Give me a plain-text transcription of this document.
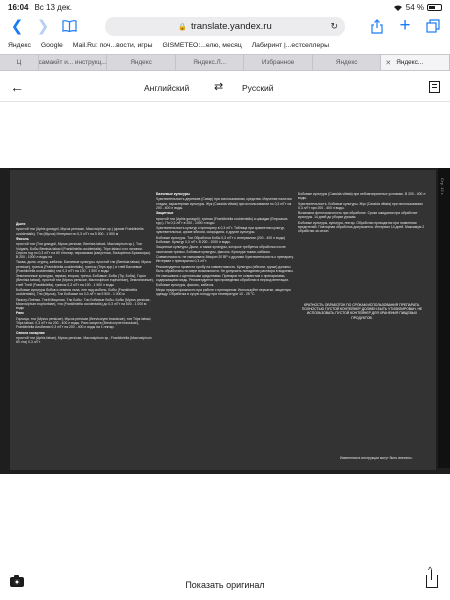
16:04 Вс 13 дек.	54 %
❮ ❯	🔒 translate.yandex.ru	↻	+
Яндекс Google Mail.Ru: поч...вости, игры GISMETEO:...елю, месяц Лабиринт |...естселлеры
Ц	самакйт и... инструкц...	Яндекс	Яндекс.Л...	Избранное	Яндекс	✕ Яндекс...
←	Английский ⇄ Русский

Бахчевые культуры

Чувствительность деревьев (Сахар) при использовании, средства. Изучение наличия стадии, характерные культуры. Жук (Cassida vittata) при использовании по 0,3 л/Гт на 200 - 400 л воды.

Защитные

простой тли (Aphis gossypii), трипсы (Frankliniella occidentalis) и цикадки (Empoasca spp.). По 0,3 л/Гт в 200 - 1000 л воды

Чувствительность культур к препарату в 0,3 л/Гт. Таблица при сравнении культур, чувствительных, кроме яблони, смородина, и другие культуры.

Бобовые культуры: Тли Обработка Бобы 0,3 л/Гт с интервалом (200 - 400 л воды) Бобовые. Культур 0,3 л/Гт. В 200 - 1000 л воды.

Защитные культуры: Дыни, а также культуры, которые требуется обработка после окончания трипсы. Бобовые культуры, фасоль. Культура тыква, кабачок.

Совместимость: не смешивать Микрон 20 ВР с другими Чувствительность к препарату. Интервал с препаратом 0,3 л/Гт.

Рекомендуется провести пробу на совместимость. Культуры (яблони, груши) должны быть обработаны по мере возможности. Не допускать попадания раствора в водоемы.

Не смешивать с щелочными средствами. Препарат не совместим с препаратами, содержащими медь. Рекомендуется при проведении обработки в период вегетации. Бобовые культуры, фасоль, кабачок.

Меры предосторожности при работе с препаратом: Используйте перчатки, защитную одежду. Обработка в сухую погоду при температуре 10 - 25 °С.

Дыня

простой тли (Aphis gossypii, Myzus persicae, Macrosiphum sp.) (кроме Frankliniella occidentalis). Тли (Myzus) Интервал по 0,3 л/Гт на 5 500 - 1 500 м

Фасоль

простой тли (Тли gossypii, Myzus persicae, Bemisia tabaci, Macrosiphum sp.). Тли Vulgaris, Бобы Bemisia tabaci (Frankliniella occidentalis), Trips tabaci и их личинки. Спустя год по 0,3 л/Гт на 60 г/гектар, персиковая (капустная, Scutopterus Брахикоры). В 200 - 1000 л воды на

Тыква, дыня, огурец, кабачок. Бахчевые культуры. простой тли (Bemisia tabaci, Myzus persicae), трипсы (Frankliniella occidentalis), трипсы (Trips spp.) и тлей Бахчевые (Frankliniella occidentalis) тли 0,3 л/Гт на 100 - 1 500 л воды

Земляничные культуры, первая, вторая, третья. Бобовые, Бобы (Tip, Бобы), Горох (Bemisia tabaci), простой тли (Myzus persicae, Macrosiphum euphorbiae), Земляничные), тлей Тлей (Frankliniella), трипсы 0,3 л/Гт на 100 - 1 500 л воды

Бобовые культуры бобов и семена льна, лен над мобиль. Бобы (Frankliniella occidentalis), Тли (Myzus), Тли Бобовые на 0,3 л/Гт на 5 500 - 1 000 м

Пиастр-Плёнки. Тлей Мицелия. Тли Бобы. Тли Бобовые бобы. Бобы (Myzus persicae, Macrosiphum euphorbiae), тли (Frankliniella occidentalis) до 0,3 л/Гт на 500 - 1 000 м воды

Рапс

Горчица, тли (Myzus persicae), Myzus persicae (Brevicoryne brassicae), тли Trips tabaci, Trips tabaci. 0,3 л/Гт на 200 - 400 л воды. Рапс капуста (Brevicoryne brassicae), Frankliniella Альбиния 0,3 л/Гт на 200 - 400 л воды на 1 гектар.

Свекла сахарная

простой тли (Aphis fabae), Myzus persicae, Macrosiphum sp., Frankliniella (Macrosiphum 60 г/га) 0,3 л/Гт.

Бобовые культуры (Cassida vittata) при неблагоприятных условиях. В 200 - 400 л воды.

Чувствительность. Бобовые культуры. Жук (Cassida vittata) при использовании: 0,3 л/Гт при 200 - 400 л воды.

Возможна фитотоксичность при обработке. Сроки ожидания при обработке культуры. 14 дней до уборки урожая.

Бобовые культуры, культура, гектар. Обработки проводятся при появлении вредителей. Повторная обработка допускается. Интервал 14 дней. Максимум 2 обработки за сезон.

КРАТНОСТЬ ОБРАБОТОК ПО СРОКАМ ИСПОЛЬЗОВАНИЯ ПРЕПАРАТА. ПОЛНОСТЬЮ ПУСТОЙ КОНТЕЙНЕР ДОЛЖЕН БЫТЬ УТИЛИЗИРОВАН. НЕ ИСПОЛЬЗОВАТЬ ПУСТОЙ КОНТЕЙНЕР ДЛЯ ХРАНЕНИЯ ПИЩЕВЫХ ПРОДУКТОВ.
Изменения в инструкции могут быть внесены.
Стр. 13 т.
Показать оригинал
^
